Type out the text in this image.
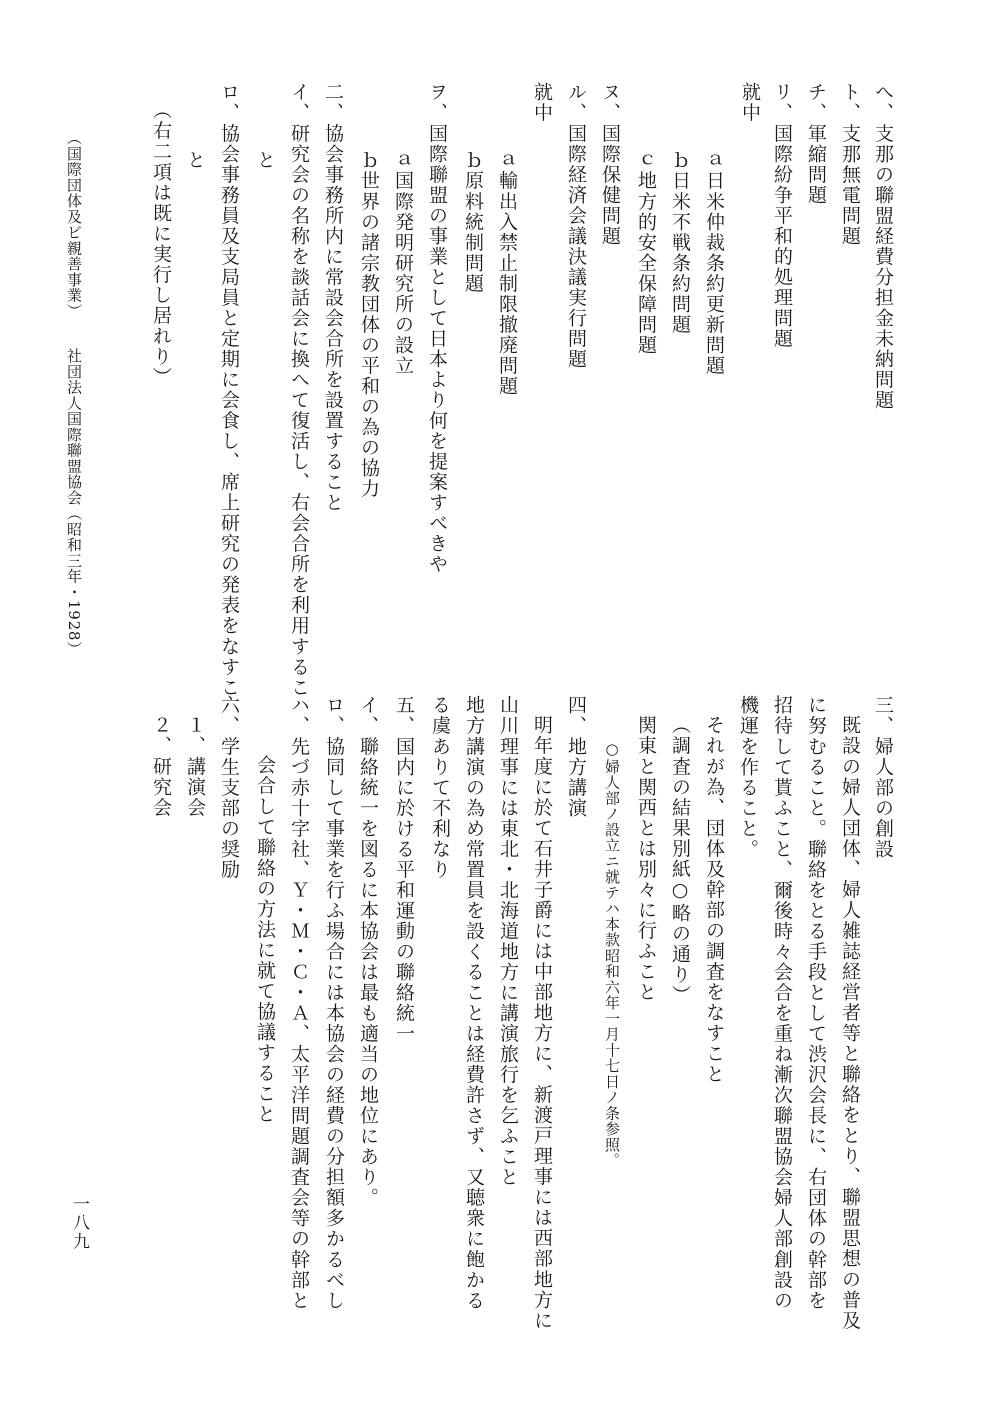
へ、支那の聯盟経費分担金未納問題
ト、支那無電問題
チ、軍縮問題
リ、国際紛争平和的処理問題
就中
ａ日米仲裁条約更新問題
ｂ日米不戦条約問題
ｃ地方的安全保障問題
ヌ、国際保健問題
ル、国際経済会議決議実行問題
就中
ａ輸出入禁止制限撤廃問題
ｂ原料統制問題
ヲ、国際聯盟の事業として日本より何を提案すべきや
ａ国際発明研究所の設立
ｂ世界の諸宗教団体の平和の為の協力
二、協会事務所内に常設会合所を設置すること
イ、研究会の名称を談話会に換へて復活し、右会合所を利用するこ
と
ロ、協会事務員及支局員と定期に会食し、席上研究の発表をなすこ
と
（右二項は既に実行し居れり）
（国際団体及ビ親善事業）
社団法人国際聯盟協会（昭和三年・1928）
三、婦人部の創設
既設の婦人団体、婦人雑誌経営者等と聯絡をとり、聯盟思想の普及
に努むること。聯絡をとる手段として渋沢会長に、右団体の幹部を
招待して貰ふこと、爾後時々会合を重ね漸次聯盟協会婦人部創設の
機運を作ること。
それが為、団体及幹部の調査をなすこと
（調査の結果別紙○略の通り）
関東と関西とは別々に行ふこと
○婦人部ノ設立ニ就テハ本款昭和六年一月十七日ノ条参照。
四、地方講演
明年度に於て石井子爵には中部地方に、新渡戸理事には西部地方に
山川理事には東北・北海道地方に講演旅行を乞ふこと
地方講演の為め常置員を設くることは経費許さず、又聴衆に飽かる
る虞ありて不利なり
五、国内に於ける平和運動の聯絡統一
イ、聯絡統一を図るに本協会は最も適当の地位にあり。
ロ、協同して事業を行ふ場合には本協会の経費の分担額多かるべし
ハ、先づ赤十字社、Ｙ・Ｍ・Ｃ・Ａ、太平洋問題調査会等の幹部と
会合して聯絡の方法に就て協議すること
六、学生支部の奨励
１、講演会
２、研究会
一八九
